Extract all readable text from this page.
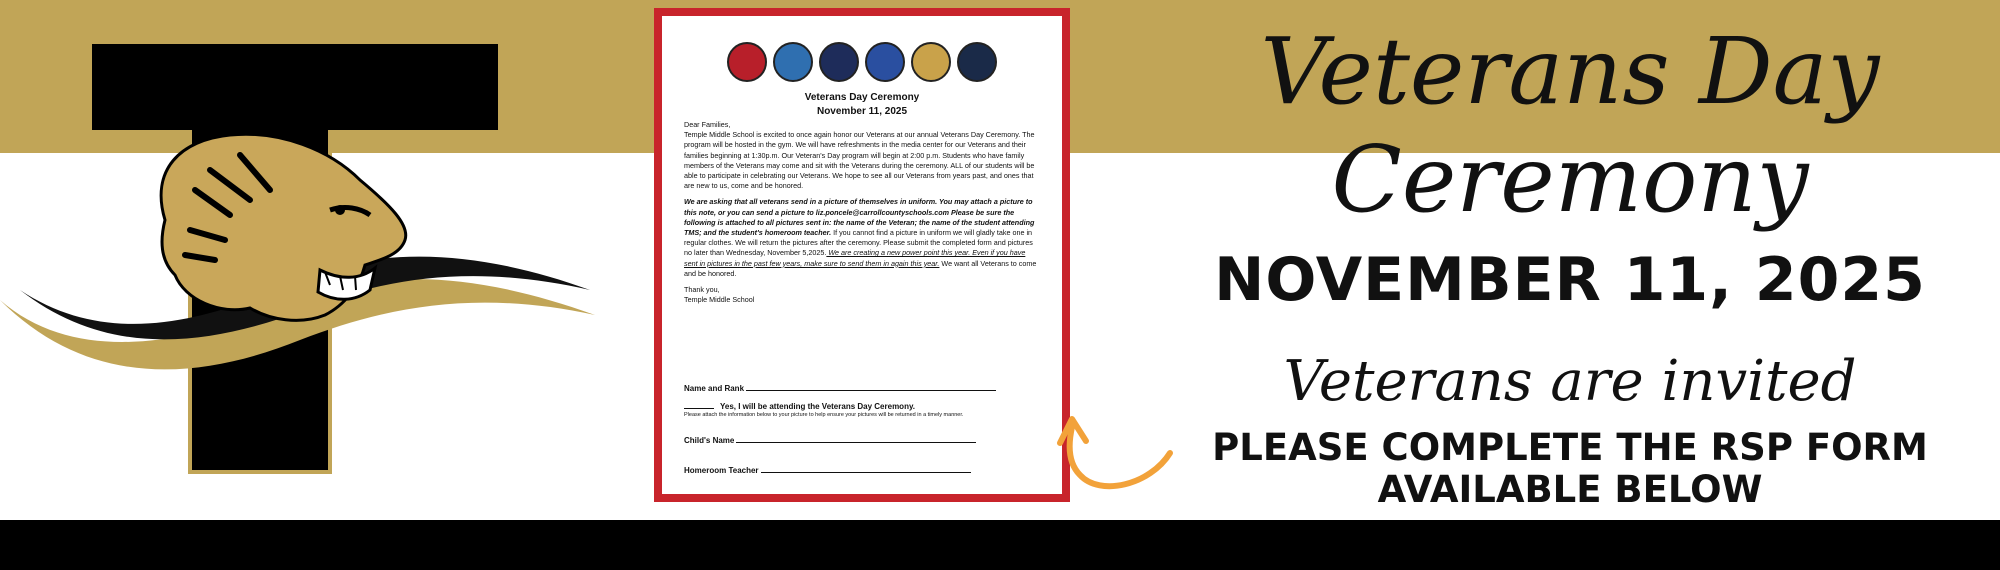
Veterans Day Ceremony
November 11, 2025

Dear Families,

Temple Middle School is excited to once again honor our Veterans at our annual Veterans Day Ceremony. The program will be hosted in the gym. We will have refreshments in the media center for our Veterans and their families beginning at 1:30p.m. Our Veteran's Day program will begin at 2:00 p.m. Students who have family members of the Veterans may come and sit with the Veterans during the ceremony. ALL of our students will be able to participate in celebrating our Veterans. We hope to see all our Veterans from years past, and ones that are new to us, come and be honored.

We are asking that all veterans send in a picture of themselves in uniform. You may attach a picture to this note, or you can send a picture to liz.poncele@carrollcountyschools.com Please be sure the following is attached to all pictures sent in: the name of the Veteran; the name of the student attending TMS; and the student's homeroom teacher. If you cannot find a picture in uniform we will gladly take one in regular clothes. We will return the pictures after the ceremony. Please submit the completed form and pictures no later than Wednesday, November 5,2025. We are creating a new power point this year. Even if you have sent in pictures in the past few years, make sure to send them in again this year. We want all Veterans to come and be honored.

Thank you,
Temple Middle School
Name and Rank
Yes, I will be attending the Veterans Day Ceremony.
Please attach the information below to your picture to help ensure your pictures will be returned in a timely manner.
Child's Name
Homeroom Teacher
Veterans Day
Ceremony
NOVEMBER 11, 2025
Veterans are invited
PLEASE COMPLETE THE RSP FORM
AVAILABLE BELOW
